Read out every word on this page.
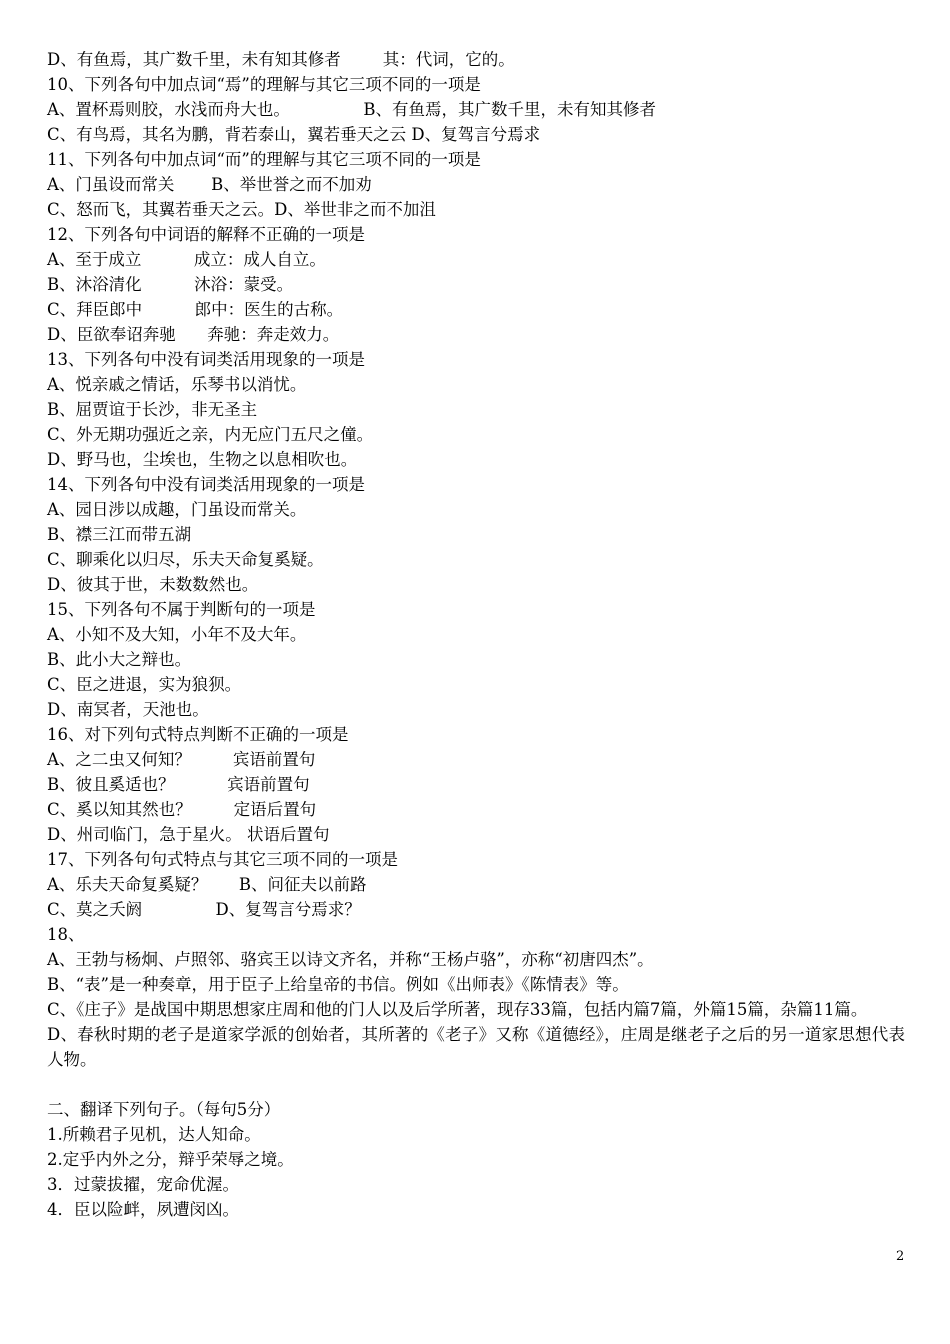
D、有鱼焉，其广数千里，未有知其修者        其：代词，它的。
10、下列各句中加点词“焉”的理解与其它三项不同的一项是
A、置杯焉则胶，水浅而舟大也。              B、有鱼焉，其广数千里，未有知其修者
C、有鸟焉，其名为鹏，背若泰山，翼若垂天之云 D、复驾言兮焉求
11、下列各句中加点词“而”的理解与其它三项不同的一项是
A、门虽设而常关       B、举世誉之而不加劝
C、怒而飞，其翼若垂天之云。D、举世非之而不加沮
12、下列各句中词语的解释不正确的一项是
A、至于成立          成立：成人自立。
B、沐浴清化          沐浴：蒙受。
C、拜臣郎中          郎中：医生的古称。
D、臣欲奉诏奔驰      奔驰：奔走效力。
13、下列各句中没有词类活用现象的一项是
A、悦亲戚之情话，乐琴书以消忧。
B、屈贾谊于长沙，非无圣主
C、外无期功强近之亲，内无应门五尺之僮。
D、野马也，尘埃也，生物之以息相吹也。
14、下列各句中没有词类活用现象的一项是
A、园日涉以成趣，门虽设而常关。
B、襟三江而带五湖
C、聊乘化以归尽，乐夫天命复奚疑。
D、彼其于世，未数数然也。
15、下列各句不属于判断句的一项是
A、小知不及大知，小年不及大年。
B、此小大之辩也。
C、臣之进退，实为狼狈。
D、南冥者，天池也。
16、对下列句式特点判断不正确的一项是
A、之二虫又何知？        宾语前置句
B、彼且奚适也？          宾语前置句
C、奚以知其然也？        定语后置句
D、州司临门，急于星火。 状语后置句
17、下列各句句式特点与其它三项不同的一项是
A、乐夫天命复奚疑？      B、问征夫以前路
C、莫之夭阏              D、复驾言兮焉求？
18、
A、王勃与杨炯、卢照邻、骆宾王以诗文齐名，并称“王杨卢骆”，亦称“初唐四杰”。
B、“表”是一种奏章，用于臣子上给皇帝的书信。例如《出师表》《陈情表》等。
C、《庄子》是战国中期思想家庄周和他的门人以及后学所著，现存33篇，包括内篇7篇，外篇15篇，杂篇11篇。
D、春秋时期的老子是道家学派的创始者，其所著的《老子》又称《道德经》，庄周是继老子之后的另一道家思想代表人物。
二、翻译下列句子。（每句5分）
1.所赖君子见机，达人知命。
2.定乎内外之分，辩乎荣辱之境。
3．过蒙拔擢，宠命优渥。
4．臣以险衅，夙遭闵凶。
2
